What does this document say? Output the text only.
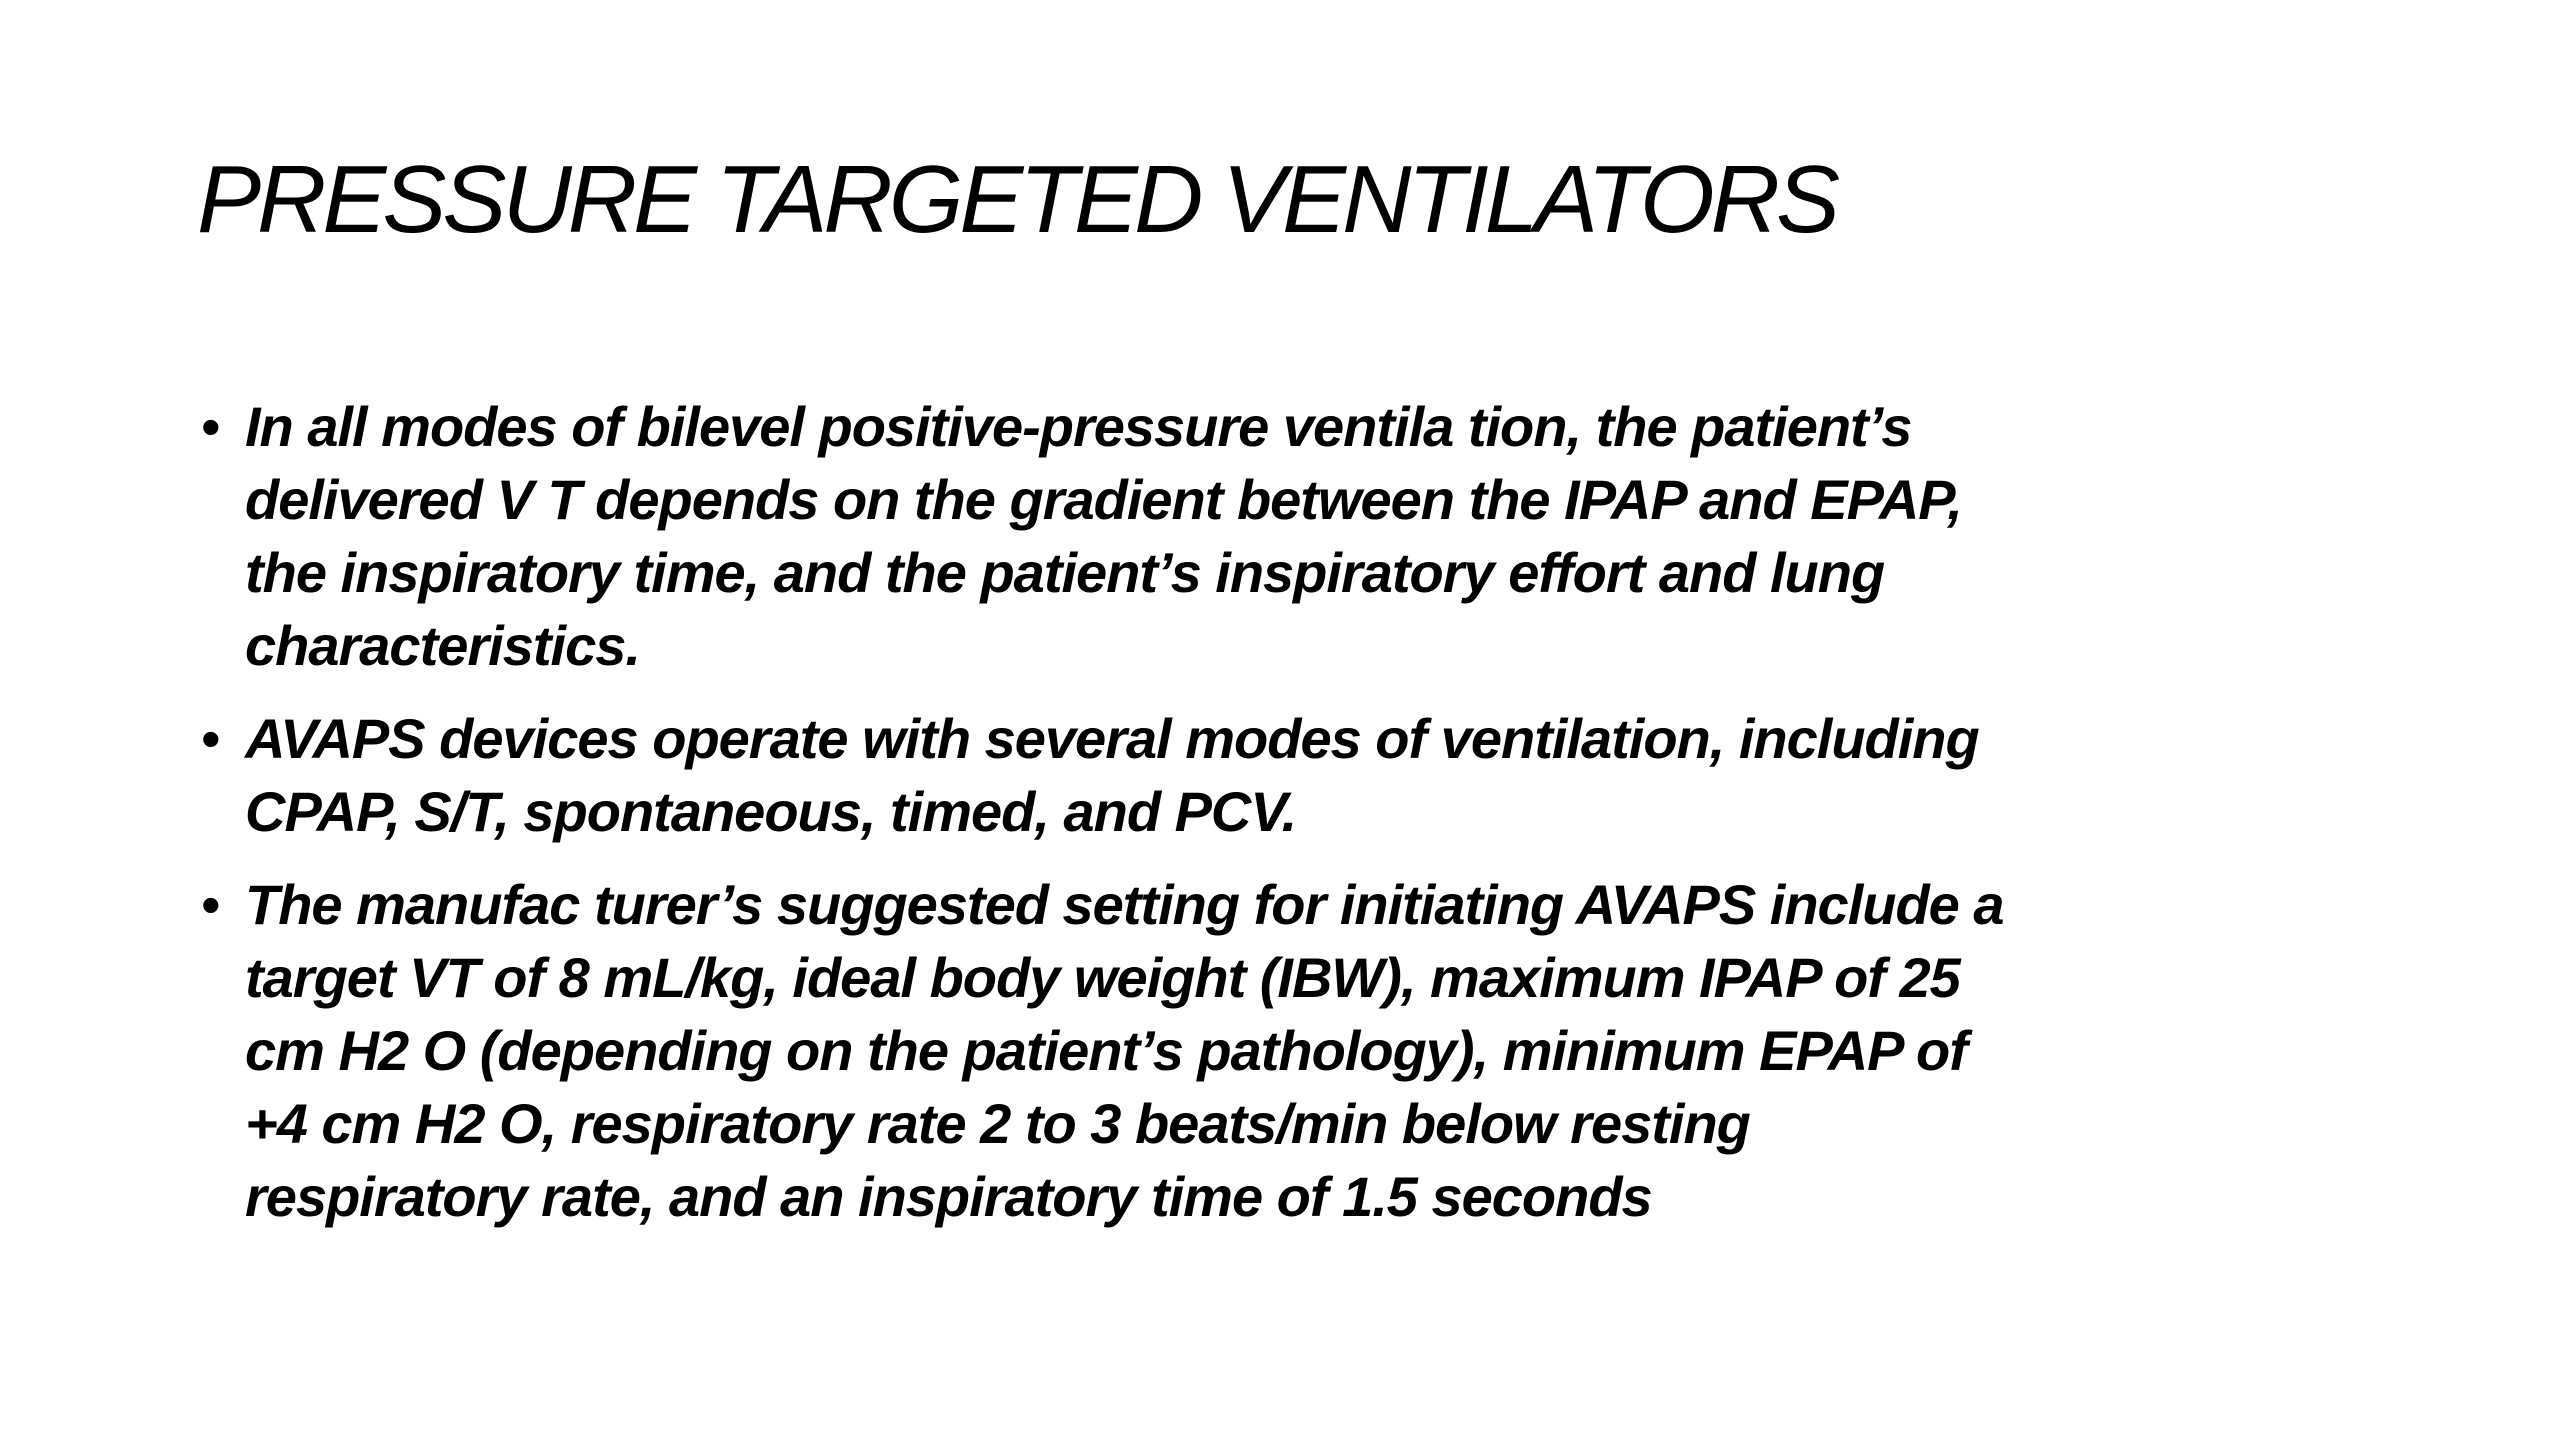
PRESSURE TARGETED VENTILATORS
• In all modes of bilevel positive-pressure ventila tion, the patient’s
delivered V T depends on the gradient between the IPAP and EPAP,
the inspiratory time, and the patient’s inspiratory effort and lung
characteristics.
• AVAPS devices operate with several modes of ventilation, including
CPAP, S/T, spontaneous, timed, and PCV.
• The manufac turer’s suggested setting for initiating AVAPS include a
target VT of 8 mL/kg, ideal body weight (IBW), maximum IPAP of 25
cm H2 O (depending on the patient’s pathology), minimum EPAP of
+4 cm H2 O, respiratory rate 2 to 3 beats/min below resting
respiratory rate, and an inspiratory time of 1.5 seconds
